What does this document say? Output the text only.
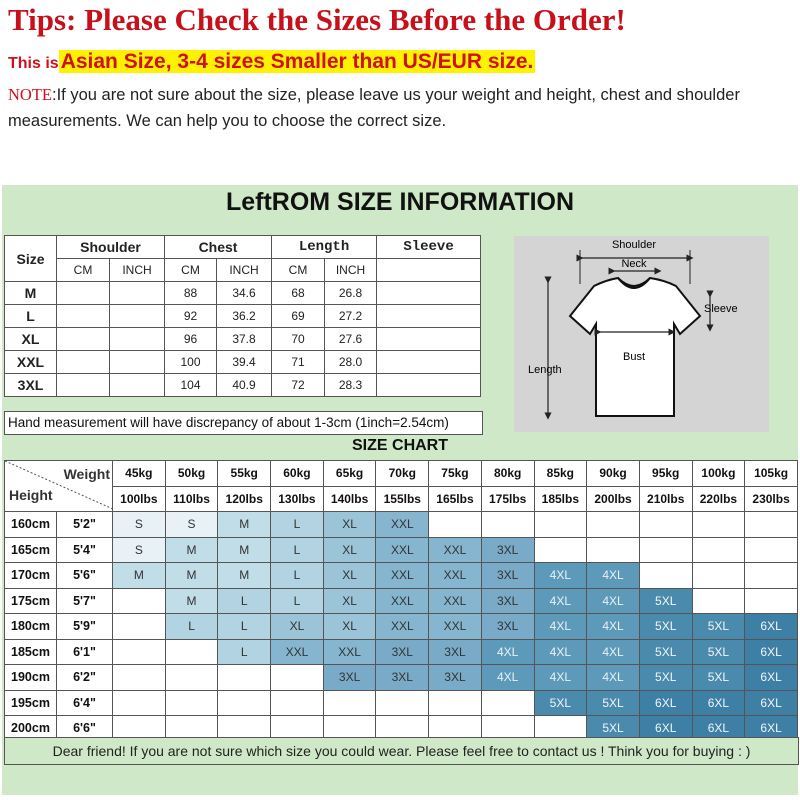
Tips: Please Check the Sizes Before the Order!
This isAsian Size, 3-4 sizes Smaller than US/EUR size.
NOTE:If you are not sure about the size, please leave us your weight and height, chest and shoulder measurements. We can help you to choose the correct size.
LeftROM SIZE INFORMATION
Size	Shoulder		Chest		Length		Sleeve
	CM	INCH	CM	INCH	CM	INCH	
M			88	34.6	68	26.8	
L			92	36.2	69	27.2	
XL			96	37.8	70	27.6	
XXL			100	39.4	71	28.0	
3XL			104	40.9	72	28.3	
Hand measurement will have discrepancy of about 1-3cm (1inch=2.54cm)
Shoulder
Neck
Sleeve
Bust
Length
SIZE CHART
Weight
Height		45kg	50kg	55kg	60kg	65kg	70kg	75kg	80kg	85kg	90kg	95kg	100kg	105kg
		100lbs	110lbs	120lbs	130lbs	140lbs	155lbs	165lbs	175lbs	185lbs	200lbs	210lbs	220lbs	230lbs
160cm	5'2"	S	S	M	L	XL	XXL							
165cm	5'4"	S	M	M	L	XL	XXL	XXL	3XL					
170cm	5'6"	M	M	M	L	XL	XXL	XXL	3XL	4XL	4XL			
175cm	5'7"		M	L	L	XL	XXL	XXL	3XL	4XL	4XL	5XL		
180cm	5'9"		L	L	XL	XL	XXL	XXL	3XL	4XL	4XL	5XL	5XL	6XL
185cm	6'1"			L	XXL	XXL	3XL	3XL	4XL	4XL	4XL	5XL	5XL	6XL
190cm	6'2"					3XL	3XL	3XL	4XL	4XL	4XL	5XL	5XL	6XL
195cm	6'4"									5XL	5XL	6XL	6XL	6XL
200cm	6'6"										5XL	6XL	6XL	6XL
Dear friend! If you are not sure which size you could wear. Please feel free to contact us ! Think you for buying : )
